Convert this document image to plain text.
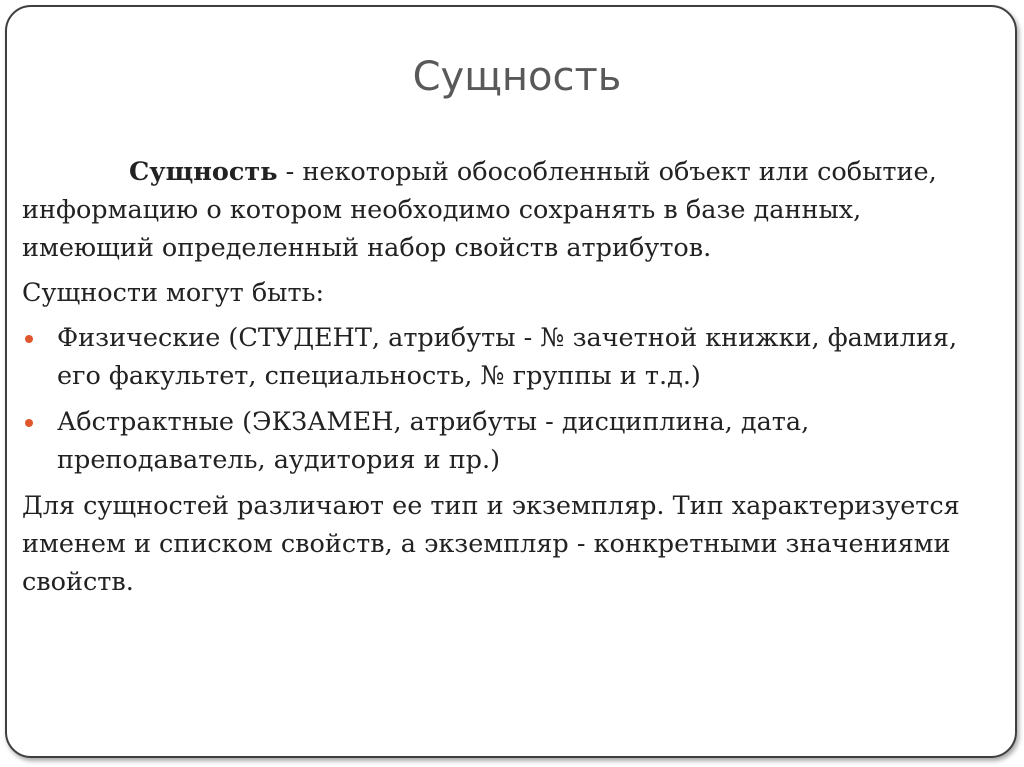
Сущность

Сущность - некоторый обособленный объект или событие, информацию о котором необходимо сохранять в базе данных, имеющий определенный набор свойств атрибутов.

Сущности могут быть:

Физические (СТУДЕНТ, атрибуты - № зачетной книжки, фамилия, его факультет, специальность, № группы и т.д.)
Абстрактные (ЭКЗАМЕН, атрибуты - дисциплина, дата, преподаватель, аудитория и пр.)

Для сущностей различают ее тип и экземпляр. Тип характеризуется именем и списком свойств, а экземпляр - конкретными значениями свойств.
